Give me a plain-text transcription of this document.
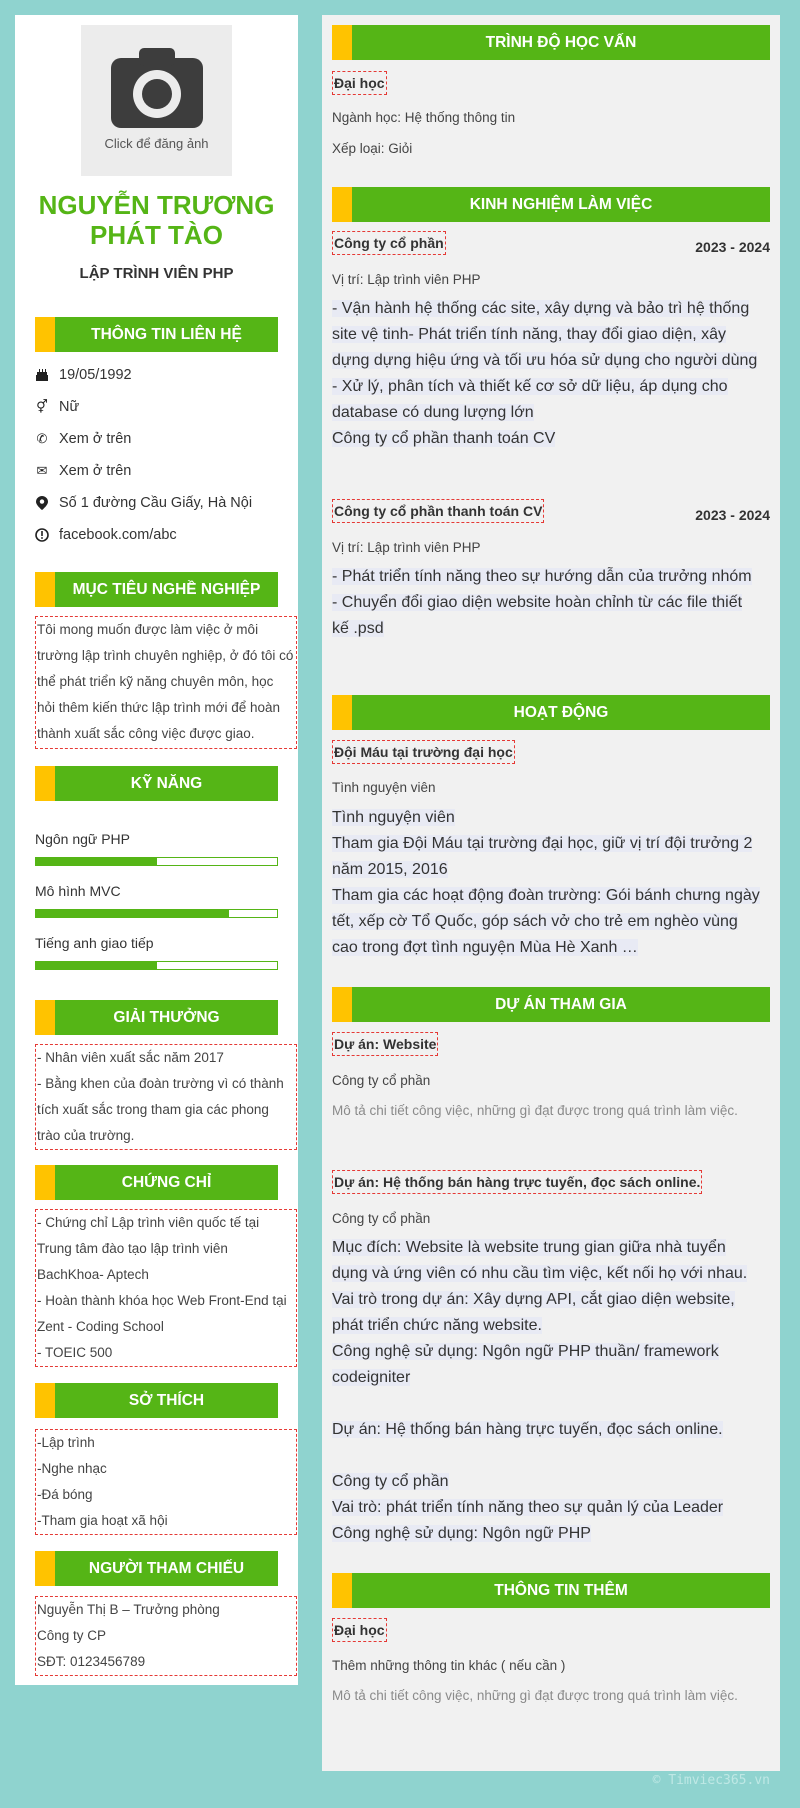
Click để đăng ảnh
NGUYỄN TRƯƠNG PHÁT TÀO
LẬP TRÌNH VIÊN PHP
THÔNG TIN LIÊN HỆ
19/05/1992
⚥ Nữ
✆ Xem ở trên
✉ Xem ở trên
Số 1 đường Cầu Giấy, Hà Nội
facebook.com/abc
MỤC TIÊU NGHỀ NGHIỆP
Tôi mong muốn được làm việc ở môi trường lập trình chuyên nghiệp, ở đó tôi có thể phát triển kỹ năng chuyên môn, học hỏi thêm kiến thức lập trình mới để hoàn thành xuất sắc công việc được giao.
KỸ NĂNG
Ngôn ngữ PHP
Mô hình MVC
Tiếng anh giao tiếp
GIẢI THƯỞNG
- Nhân viên xuất sắc năm 2017
- Bằng khen của đoàn trường vì có thành tích xuất sắc trong tham gia các phong trào của trường.
CHỨNG CHỈ
- Chứng chỉ Lập trình viên quốc tế tại Trung tâm đào tạo lập trình viên BachKhoa- Aptech
- Hoàn thành khóa học Web Front-End tại Zent - Coding School
- TOEIC 500
SỞ THÍCH
-Lập trình
-Nghe nhạc
-Đá bóng
-Tham gia hoạt xã hội
NGƯỜI THAM CHIẾU
Nguyễn Thị B – Trưởng phòng
Công ty CP
SĐT: 0123456789
TRÌNH ĐỘ HỌC VẤN
Đại học
Ngành học: Hệ thống thông tin
Xếp loại: Giỏi
KINH NGHIỆM LÀM VIỆC
Công ty cổ phần	2023 - 2024
Vị trí: Lập trình viên PHP
- Vận hành hệ thống các site, xây dựng và bảo trì hệ thống site vệ tinh- Phát triển tính năng, thay đổi giao diện, xây dựng dựng hiệu ứng và tối ưu hóa sử dụng cho người dùng
- Xử lý, phân tích và thiết kế cơ sở dữ liệu, áp dụng cho database có dung lượng lớn
Công ty cổ phần thanh toán CV
Công ty cổ phần thanh toán CV	2023 - 2024
Vị trí: Lập trình viên PHP
- Phát triển tính năng theo sự hướng dẫn của trưởng nhóm
- Chuyển đổi giao diện website hoàn chỉnh từ các file thiết kế .psd
HOẠT ĐỘNG
Đội Máu tại trường đại học
Tình nguyện viên
Tình nguyện viên
Tham gia Đội Máu tại trường đại học, giữ vị trí đội trưởng 2 năm 2015, 2016
Tham gia các hoạt động đoàn trường: Gói bánh chưng ngày tết, xếp cờ Tổ Quốc, góp sách vở cho trẻ em nghèo vùng cao trong đợt tình nguyện Mùa Hè Xanh …
DỰ ÁN THAM GIA
Dự án: Website
Công ty cổ phần
Mô tả chi tiết công việc, những gì đạt được trong quá trình làm việc.
Dự án: Hệ thống bán hàng trực tuyến, đọc sách online.
Công ty cổ phần
Mục đích: Website là website trung gian giữa nhà tuyển dụng và ứng viên có nhu cầu tìm việc, kết nối họ với nhau.
Vai trò trong dự án: Xây dựng API, cắt giao diện website, phát triển chức năng website.
Công nghệ sử dụng: Ngôn ngữ PHP thuần/ framework codeigniter

Dự án: Hệ thống bán hàng trực tuyến, đọc sách online.

Công ty cổ phần
Vai trò: phát triển tính năng theo sự quản lý của Leader
Công nghệ sử dụng: Ngôn ngữ PHP
THÔNG TIN THÊM
Đại học
Thêm những thông tin khác ( nếu cần )
Mô tả chi tiết công việc, những gì đạt được trong quá trình làm việc.
© Timviec365.vn
